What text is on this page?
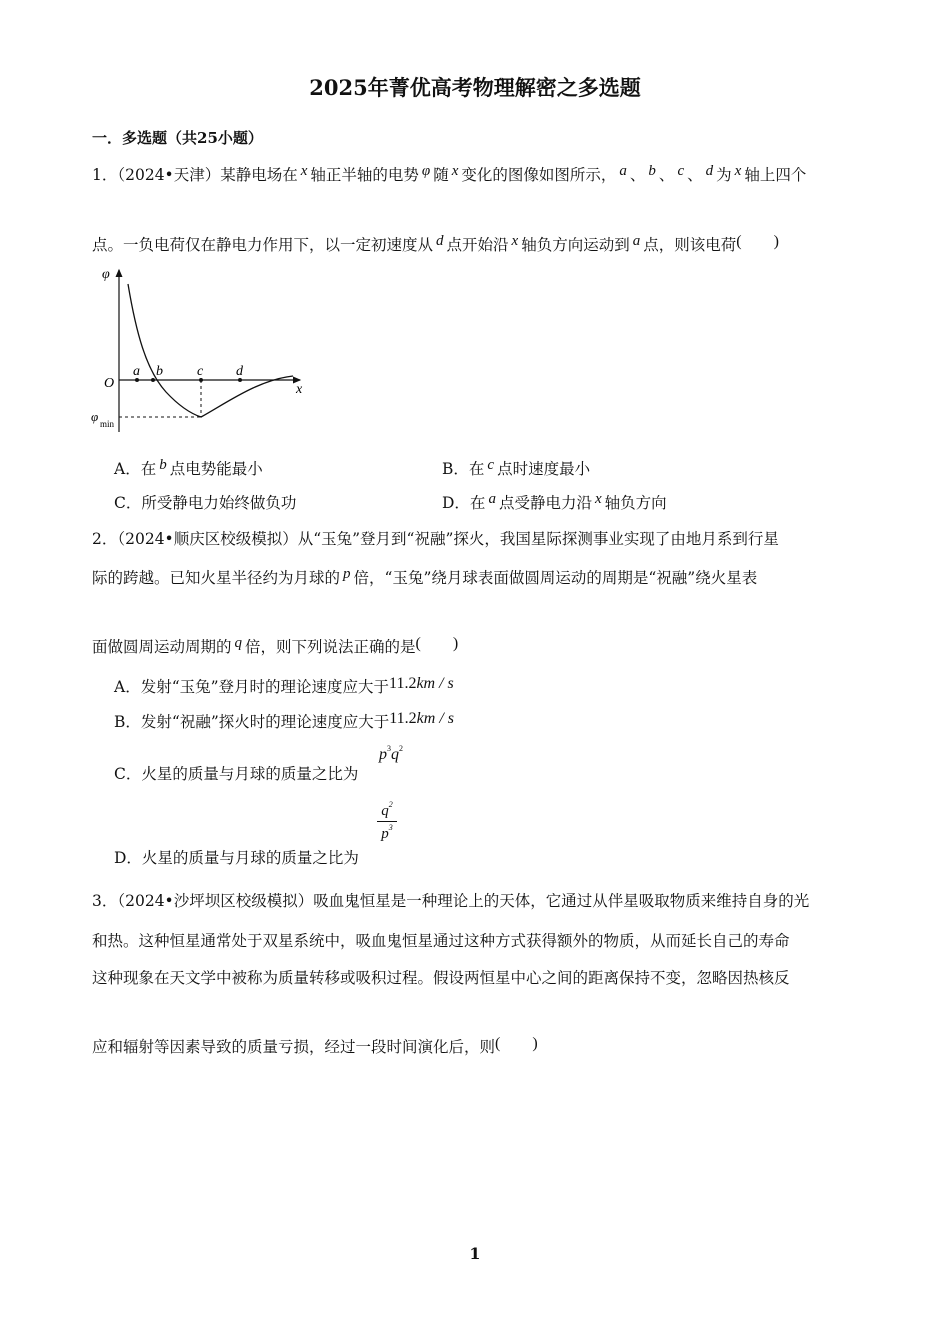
2025年菁优高考物理解密之多选题
一．多选题（共25小题）
1．（2024•天津）某静电场在 x 轴正半轴的电势 φ 随 x 变化的图像如图所示， a 、 b 、 c 、 d 为 x 轴上四个
点。一负电荷仅在静电力作用下，以一定初速度从 d 点开始沿 x 轴负方向运动到 a 点，则该电荷(　　)
a b c d
O	x
φ
φ min
A．在 b 点电势能最小	B．在 c 点时速度最小
C．所受静电力始终做负功	D．在 a 点受静电力沿 x 轴负方向
2．（2024•顺庆区校级模拟）从“玉兔”登月到“祝融”探火，我国星际探测事业实现了由地月系到行星
际的跨越。已知火星半径约为月球的 p 倍，“玉兔”绕月球表面做圆周运动的周期是“祝融”绕火星表
面做圆周运动周期的 q 倍，则下列说法正确的是(　　)
A．发射“玉兔”登月时的理论速度应大于11.2km / s
B．发射“祝融”探火时的理论速度应大于11.2km / s
C．火星的质量与月球的质量之比为
$p^3q^2$
D．火星的质量与月球的质量之比为
$q^2$
$p^3$
3．（2024•沙坪坝区校级模拟）吸血鬼恒星是一种理论上的天体，它通过从伴星吸取物质来维持自身的光
和热。这种恒星通常处于双星系统中，吸血鬼恒星通过这种方式获得额外的物质，从而延长自己的寿命
这种现象在天文学中被称为质量转移或吸积过程。假设两恒星中心之间的距离保持不变，忽略因热核反
应和辐射等因素导致的质量亏损，经过一段时间演化后，则(　　)
1
